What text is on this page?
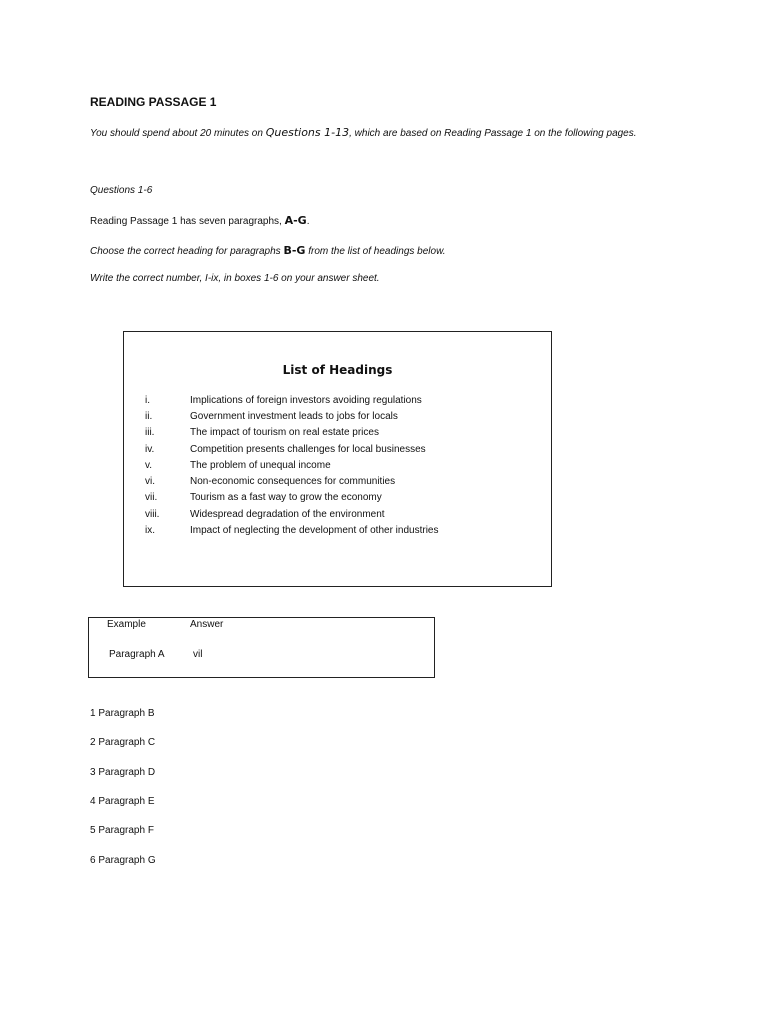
READING PASSAGE 1
You should spend about 20 minutes on Questions 1-13, which are based on Reading Passage 1 on the following pages.
Questions 1-6
Reading Passage 1 has seven paragraphs, A-G.
Choose the correct heading for paragraphs B-G from the list of headings below.
Write the correct number, I-ix, in boxes 1-6 on your answer sheet.
List of Headings
i.	Implications of foreign investors avoiding regulations
ii.	Government investment leads to jobs for locals
iii.	The impact of tourism on real estate prices
iv.	Competition presents challenges for local businesses
v.	The problem of unequal income
vi.	Non-economic consequences for communities
vii.	Tourism as a fast way to grow the economy
viii.	Widespread degradation of the environment
ix.	Impact of neglecting the development of other industries
Example	Answer
Paragraph A	vil
1 Paragraph B
2 Paragraph C
3 Paragraph D
4 Paragraph E
5 Paragraph F
6 Paragraph G
